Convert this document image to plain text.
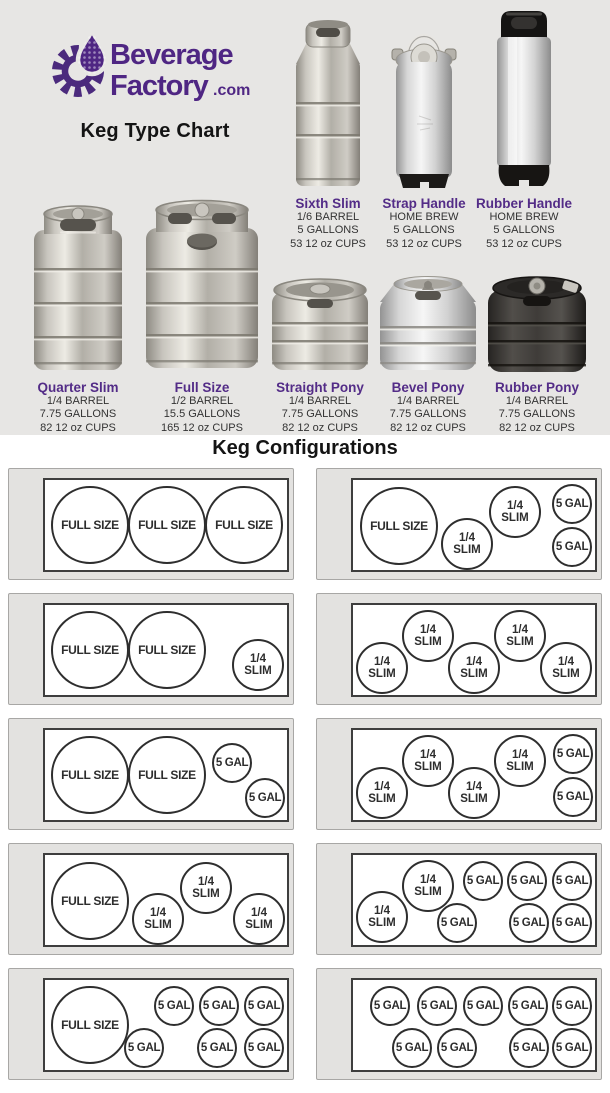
Beverage
Factory .com
Keg Type Chart
Sixth Slim
1/6 BARREL
5 GALLONS
53 12 oz CUPS
Strap Handle
HOME BREW
5 GALLONS
53 12 oz CUPS
Rubber Handle
HOME BREW
5 GALLONS
53 12 oz CUPS
Quarter Slim
1/4 BARREL
7.75 GALLONS
82 12 oz CUPS
Full Size
1/2 BARREL
15.5 GALLONS
165 12 oz CUPS
Straight Pony
1/4 BARREL
7.75 GALLONS
82 12 oz CUPS
Bevel Pony
1/4 BARREL
7.75 GALLONS
82 12 oz CUPS
Rubber Pony
1/4 BARREL
7.75 GALLONS
82 12 oz CUPS
Keg Configurations
FULL SIZE FULL SIZE FULL SIZE	FULL SIZE
1/4
SLIM
1/4
SLIM
5 GAL
5 GAL
FULL SIZE FULL SIZE
1/4
SLIM
1/4
SLIM
1/4
SLIM
1/4
SLIM
1/4
SLIM
1/4
SLIM
FULL SIZE FULL SIZE
5 GAL
5 GAL
1/4
SLIM
1/4
SLIM
1/4
SLIM
1/4
SLIM
5 GAL
5 GAL
FULL SIZE
1/4
SLIM
1/4
SLIM
1/4
SLIM
1/4
SLIM
1/4
SLIM
5 GAL
5 GAL 5 GAL 5 GAL
5 GAL 5 GAL
FULL SIZE
5 GAL
5 GAL 5 GAL 5 GAL
5 GAL 5 GAL
5 GAL 5 GAL 5 GAL 5 GAL 5 GAL
5 GAL 5 GAL	5 GAL 5 GAL
